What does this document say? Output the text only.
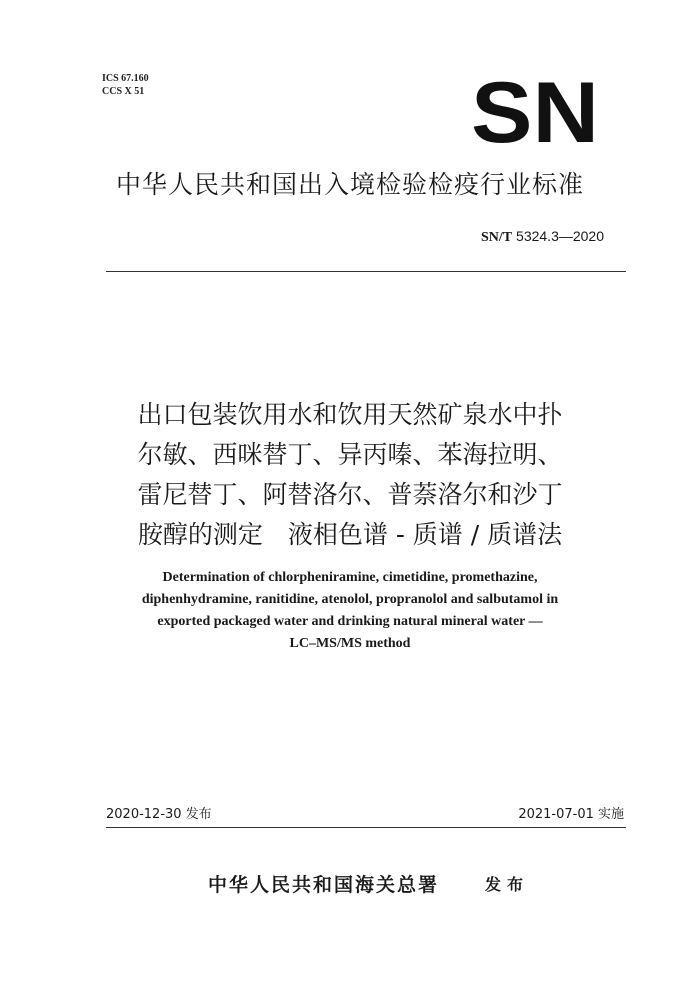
ICS 67.160
CCS X 51	SN
中华人民共和国出入境检验检疫行业标准
SN/T 5324.3—2020
出口包装饮用水和饮用天然矿泉水中扑
尔敏、西咪替丁、异丙嗪、苯海拉明、
雷尼替丁、阿替洛尔、普萘洛尔和沙丁
胺醇的测定　液相色谱 - 质谱 / 质谱法
Determination of chlorpheniramine, cimetidine, promethazine,
diphenhydramine, ranitidine, atenolol, propranolol and salbutamol in
exported packaged water and drinking natural mineral water —
LC–MS/MS method
2020-12-30 发布	2021-07-01 实施
中华人民共和国海关总署	发布
